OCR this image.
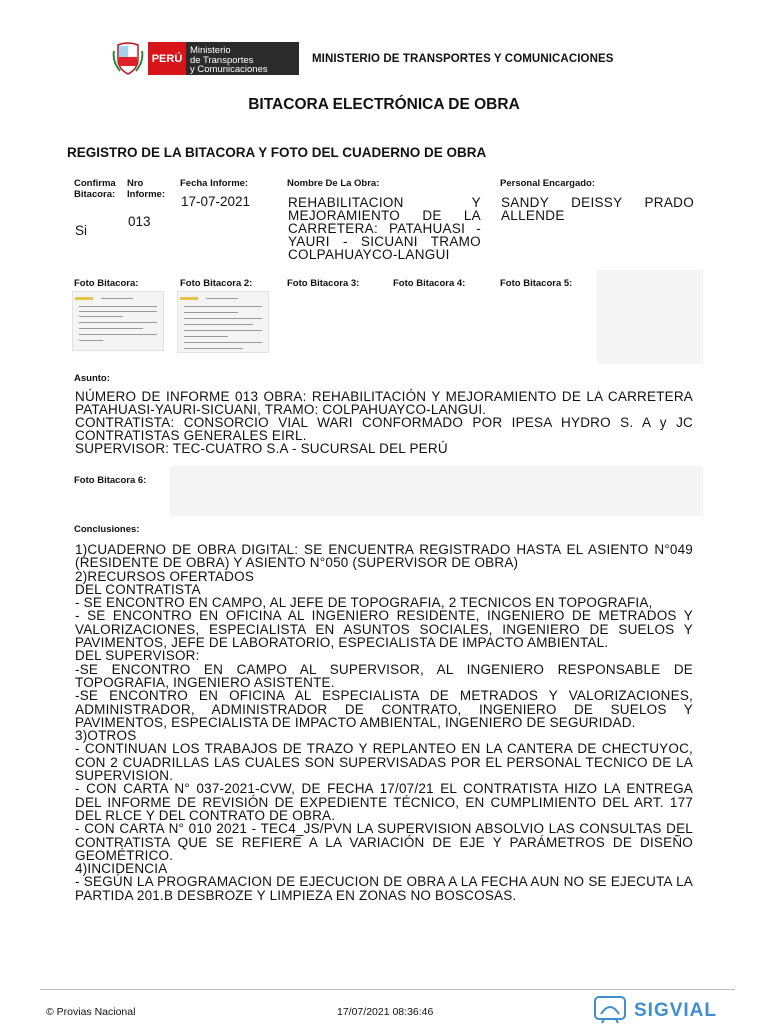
PERÚ
Ministerio
de Transportes
y Comunicaciones
MINISTERIO DE TRANSPORTES Y COMUNICACIONES
BITACORA ELECTRÓNICA DE OBRA
REGISTRO DE LA BITACORA Y FOTO DEL CUADERNO DE OBRA
Confirma Bitacora:
Si
Nro Informe:
013
Fecha Informe:
17-07-2021
Nombre De La Obra:
REHABILITACION Y MEJORAMIENTO DE LA CARRETERA: PATAHUASI - YAURI - SICUANI TRAMO COLPAHUAYCO-LANGUI
Personal Encargado:
SANDY DEISSY PRADO ALLENDE
Foto Bitacora:	Foto Bitacora 2:	Foto Bitacora 3:	Foto Bitacora 4:	Foto Bitacora 5:
Asunto:

NÚMERO DE INFORME 013 OBRA: REHABILITACIÓN Y MEJORAMIENTO DE LA CARRETERA PATAHUASI-YAURI-SICUANI, TRAMO: COLPAHUAYCO-LANGUI.

CONTRATISTA: CONSORCIO VIAL WARI CONFORMADO POR IPESA HYDRO S. A y JC CONTRATISTAS GENERALES EIRL.

SUPERVISOR: TEC-CUATRO S.A - SUCURSAL DEL PERÚ

Foto Bitacora 6:
Conclusiones:

1)CUADERNO DE OBRA DIGITAL: SE ENCUENTRA REGISTRADO HASTA EL ASIENTO N°049 (RESIDENTE DE OBRA) Y ASIENTO N°050 (SUPERVISOR DE OBRA)

2)RECURSOS OFERTADOS

DEL CONTRATISTA

- SE ENCONTRO EN CAMPO, AL JEFE DE TOPOGRAFIA, 2 TECNICOS EN TOPOGRAFIA,

- SE ENCONTRO EN OFICINA AL INGENIERO RESIDENTE, INGENIERO DE METRADOS Y VALORIZACIONES, ESPECIALISTA EN ASUNTOS SOCIALES, INGENIERO DE SUELOS Y PAVIMENTOS, JEFE DE LABORATORIO, ESPECIALISTA DE IMPACTO AMBIENTAL.

DEL SUPERVISOR:

-SE ENCONTRO EN CAMPO AL SUPERVISOR, AL INGENIERO RESPONSABLE DE TOPOGRAFIA, INGENIERO ASISTENTE.

-SE ENCONTRO EN OFICINA AL ESPECIALISTA DE METRADOS Y VALORIZACIONES, ADMINISTRADOR, ADMINISTRADOR DE CONTRATO, INGENIERO DE SUELOS Y PAVIMENTOS, ESPECIALISTA DE IMPACTO AMBIENTAL, INGENIERO DE SEGURIDAD.

3)OTROS

- CONTINUAN LOS TRABAJOS DE TRAZO Y REPLANTEO EN LA CANTERA DE CHECTUYOC, CON 2 CUADRILLAS LAS CUALES SON SUPERVISADAS POR EL PERSONAL TECNICO DE LA SUPERVISION.

- CON CARTA N° 037-2021-CVW, DE FECHA 17/07/21 EL CONTRATISTA HIZO LA ENTREGA DEL INFORME DE REVISIÓN DE EXPEDIENTE TÉCNICO, EN CUMPLIMIENTO DEL ART. 177 DEL RLCE Y DEL CONTRATO DE OBRA.

- CON CARTA N° 010 2021 - TEC4_JS/PVN LA SUPERVISION ABSOLVIO LAS CONSULTAS DEL CONTRATISTA QUE SE REFIERE A LA VARIACIÓN DE EJE Y PARÁMETROS DE DISEÑO GEOMÉTRICO.

4)INCIDENCIA

- SEGÚN LA PROGRAMACION DE EJECUCION DE OBRA A LA FECHA AUN NO SE EJECUTA LA PARTIDA 201.B DESBROZE Y LIMPIEZA EN ZONAS NO BOSCOSAS.

© Provias Nacional	17/07/2021 08:36:46	SIGVIAL
